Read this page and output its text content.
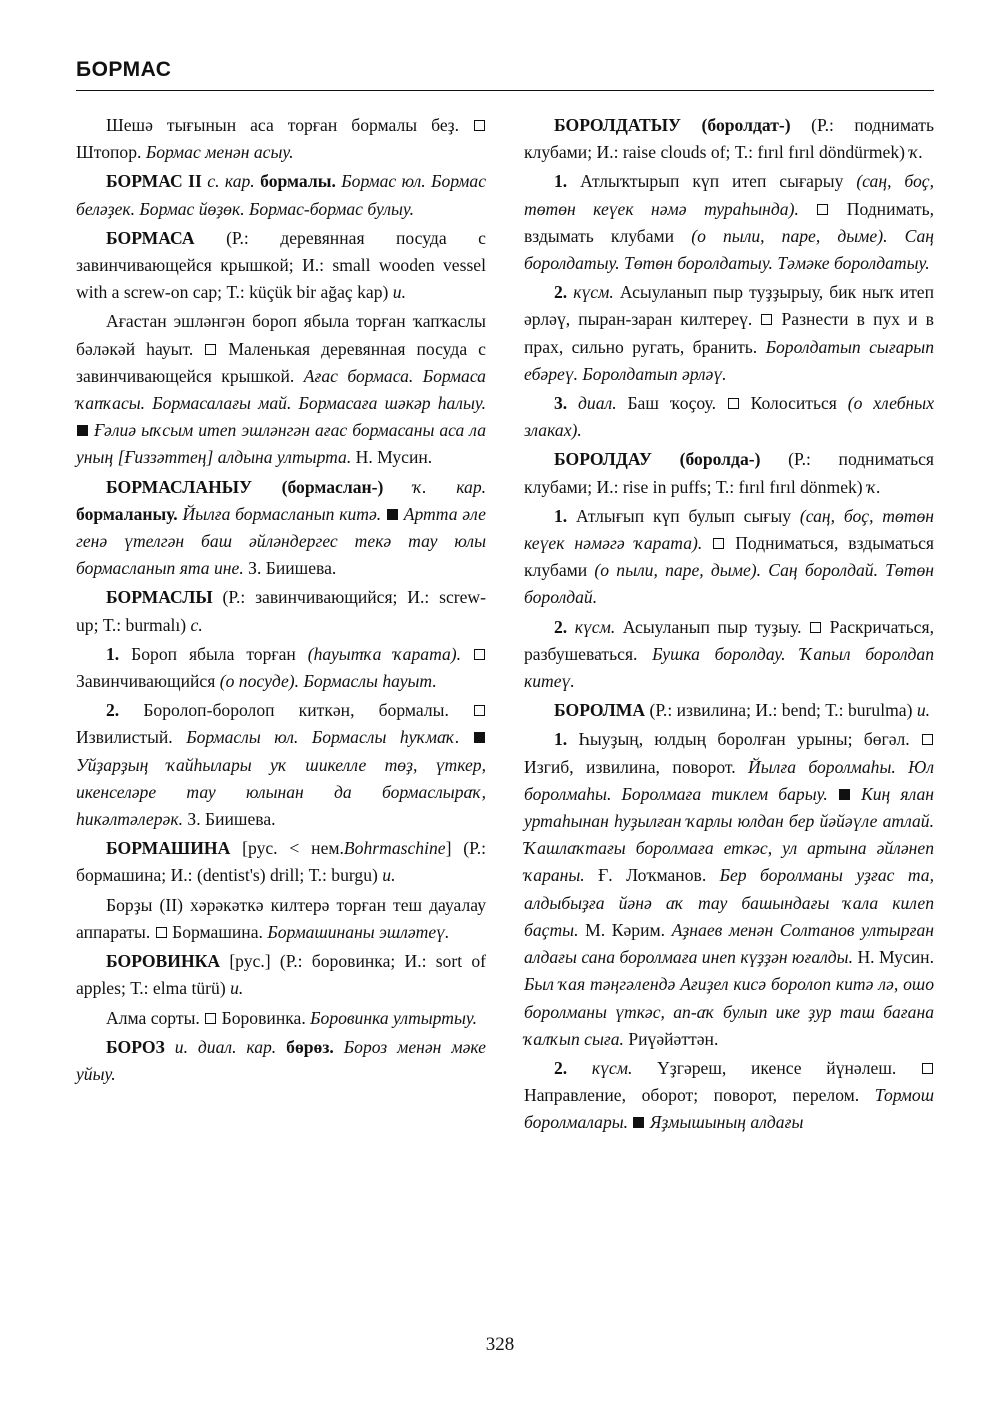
БОРМАС

Шешә тығынын аса торған бормалы беҙ.  Штопор. Бормас менән асыу.

БОРМАС II с. кар. бормалы. Бормас юл. Бормас беләҙек. Бормас йөҙөк. Бормас-бормас булыу.

БОРМАСА (Р.: деревянная посуда с завинчивающейся крышкой; И.: small wooden vessel with a screw-on cap; Т.: küçük bir ağaç kap) и.

Ағастан эшләнгән бороп ябыла торған ҡапҡаслы бәләкәй һауыт. Маленькая деревянная посуда с завинчивающейся крышкой. Ағас бормаса. Бормаса ҡапҡасы. Бормасалағы май. Бормасаға шәкәр һалыу.  Ғәлиә ыҡсым итеп эшләнгән ағас бормасаны аса ла уның [Ғиззәттең] алдына ултырта. Н. Мусин.

БОРМАСЛАНЫУ (бормаслан-) ҡ. кар. бормаланыу. Йылға бормасланып китә. Артта әле генә үтелгән баш әйләндергес текә тау юлы бормасланып ята ине. З. Биишева.

БОРМАСЛЫ (Р.: завинчивающийся; И.: screw-up; Т.: burmalı) с.

1. Бороп ябыла торған (һауытҡа ҡарата).  Завинчивающийся (о посуде). Бормаслы һауыт.

2. Боролоп-боролоп киткән, бормалы.  Извилистый. Бормаслы юл. Бормаслы һуҡмаҡ.  Уйҙарҙың ҡайһылары уҡ шикелле төҙ, үткер, икенселәре тау юлынан да бормаслыраҡ, һикәлтәлерәк. З. Биишева.

БОРМАШИНА [рус. < нем.Bohrmaschine] (Р.: бормашина; И.: (dentist's) drill; Т.: burgu) и.

Борҙы (II) хәрәкәткә килтерә торған теш дауалау аппараты. Бормашина. Бормашинаны эшләтеү.

БОРОВИНКА [рус.] (Р.: боровинка; И.: sort of apples; Т.: elma türü) и.

Алма сорты. Боровинка. Боровинка ултыртыу.

БОРОЗ и. диал. кар. бөрөз. Бороз менән мәке уйыу.

БОРОЛДАТЫУ (боролдат-) (Р.: поднимать клубами; И.: raise clouds of; Т.: fırıl fırıl döndürmek) ҡ.

1. Атлыҡтырып күп итеп сығарыу (саң, боҫ, төтөн кеүек нәмә тураһында).	Поднимать, вздымать клубами (о пыли, паре, дыме). Саң боролдатыу. Төтөн боролдатыу. Тәмәке боролдатыу.

2. күсм. Асыуланып пыр туҙҙырыу, бик ныҡ итеп әрләү, пыран-заран килтереү. Разнести в пух и в прах, сильно ругать, бранить. Боролдатып сығарып ебәреү. Боролдатып әрләү.

3. диал. Баш ҡоҫоу. Колоситься (о хлебных злаках).

БОРОЛДАУ (боролда-) (Р.: подниматься клубами; И.: rise in puffs; Т.: fırıl fırıl dönmek) ҡ.

1. Атлығып күп булып сығыу (саң, боҫ, төтөн кеүек нәмәгә ҡарата). Подниматься, вздыматься клубами (о пыли, паре, дыме). Саң боролдай. Төтөн боролдай.

2. күсм. Асыуланып пыр туҙыу. Раскричаться, разбушеваться. Бушка боролдау. Ҡапыл боролдап китеү.

БОРОЛМА (Р.: извилина; И.: bend; Т.: burulma) и.

1. Һыуҙың, юлдың боролған урыны; бөгәл.  Изгиб, извилина, поворот. Йылға боролмаһы. Юл боролмаһы. Боролмаға тиклем барыу. Киң ялан уртаһынан һуҙылған ҡарлы юлдан бер йәйәүле атлай. Ҡашлаҡтағы боролмаға еткәс, ул артына әйләнеп ҡараны. Ғ. Лоҡманов. Бер боролманы уҙғас та, алдыбыҙға йәнә аҡ тау башындағы ҡала килеп баҫты. М. Кәрим. Аҙнаев менән Солтанов ултырған алдағы сана боролмаға инеп күҙҙән юғалды. Н. Мусин. Был ҡая тәңгәлендә Ағиҙел кисә боролоп китә лә, ошо боролманы үткәс, ап-аҡ булып ике ҙур таш бағана ҡалҡып сыға. Риүәйәттән.

2. күсм. Үҙгәреш, икенсе йүнәлеш.  Направление, оборот; поворот, перелом. Тормош боролмалары. Яҙмышының алдағы

328
